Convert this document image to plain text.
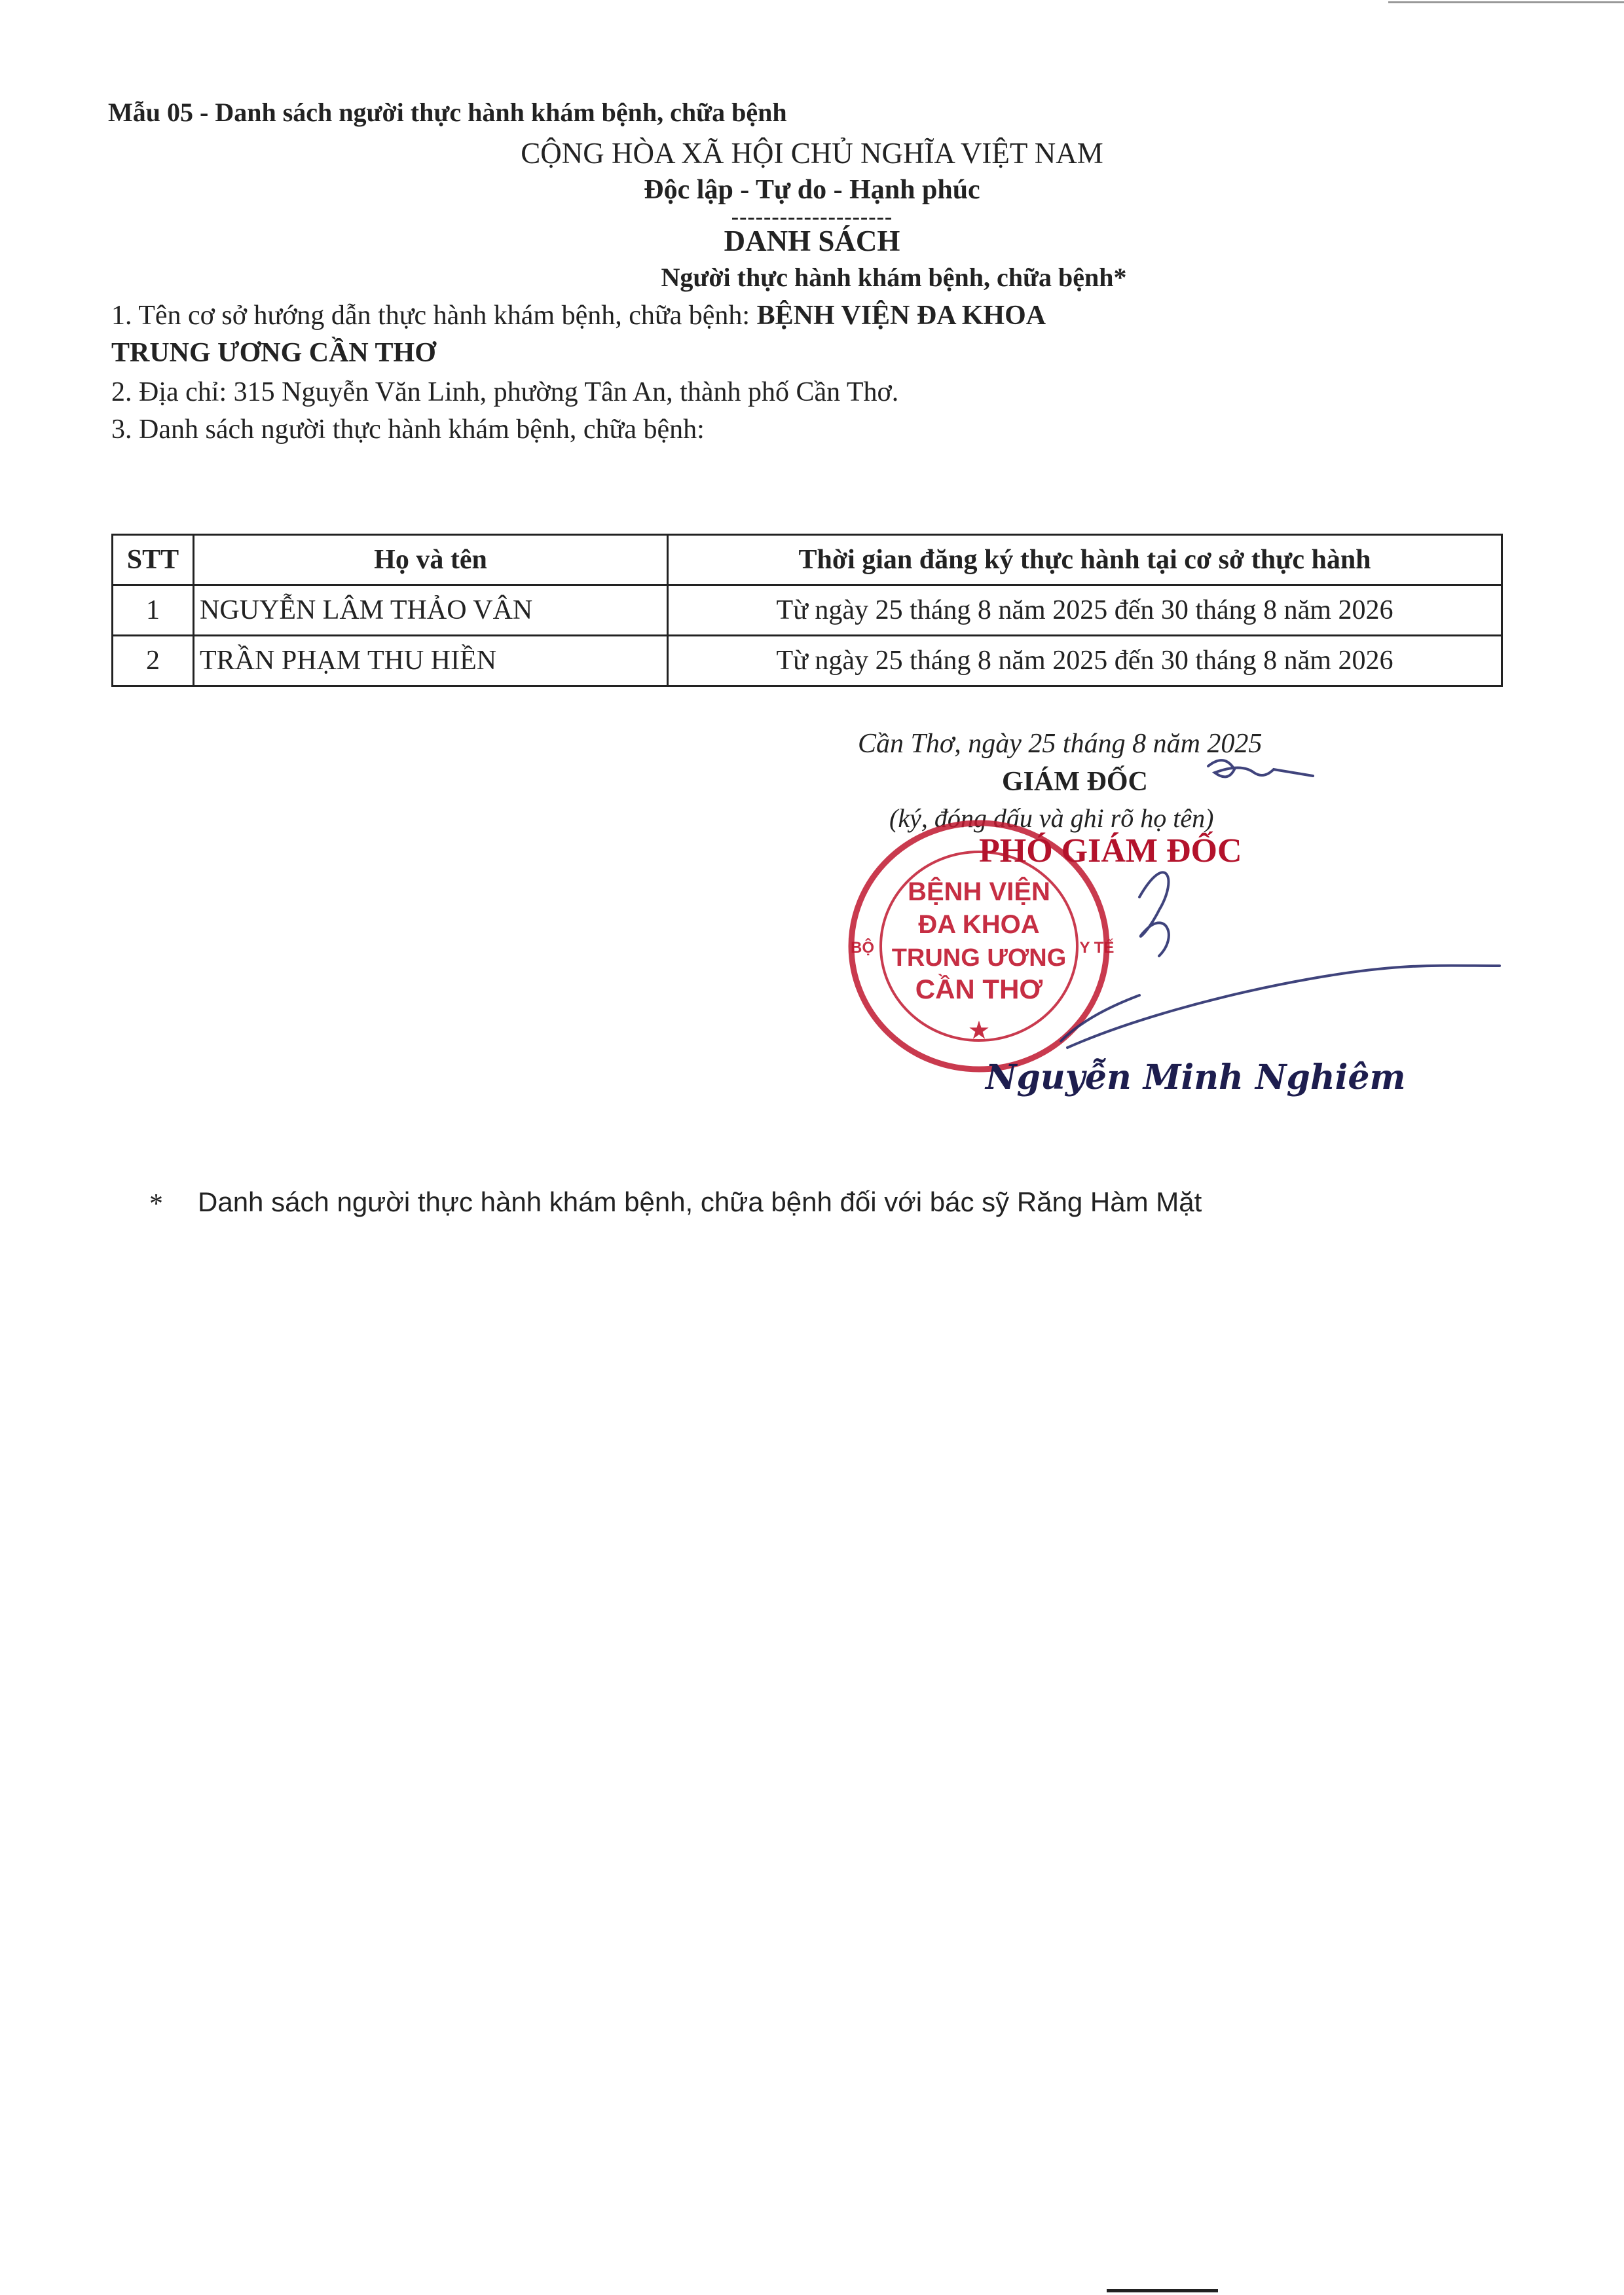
Mẫu 05 - Danh sách người thực hành khám bệnh, chữa bệnh
CỘNG HÒA XÃ HỘI CHỦ NGHĨA VIỆT NAM
Độc lập - Tự do - Hạnh phúc
--------------------
DANH SÁCH
Người thực hành khám bệnh, chữa bệnh*
1. Tên cơ sở hướng dẫn thực hành khám bệnh, chữa bệnh: BỆNH VIỆN ĐA KHOA
TRUNG ƯƠNG CẦN THƠ
2. Địa chỉ: 315 Nguyễn Văn Linh, phường Tân An, thành phố Cần Thơ.
3. Danh sách người thực hành khám bệnh, chữa bệnh:
STT	Họ và tên	Thời gian đăng ký thực hành tại cơ sở thực hành
1	NGUYỄN LÂM THẢO VÂN	Từ ngày 25 tháng 8 năm 2025 đến 30 tháng 8 năm 2026
2	TRẦN PHẠM THU HIỀN	Từ ngày 25 tháng 8 năm 2025 đến 30 tháng 8 năm 2026
Cần Thơ, ngày 25 tháng 8 năm 2025
GIÁM ĐỐC
(ký, đóng dấu và ghi rõ họ tên)
BỆNH VIỆN
ĐA KHOA
TRUNG ƯƠNG
CẦN THƠ
BỘ	Y TẾ
★
PHÓ GIÁM ĐỐC
Nguyễn Minh Nghiêm
* Danh sách người thực hành khám bệnh, chữa bệnh đối với bác sỹ Răng Hàm Mặt
